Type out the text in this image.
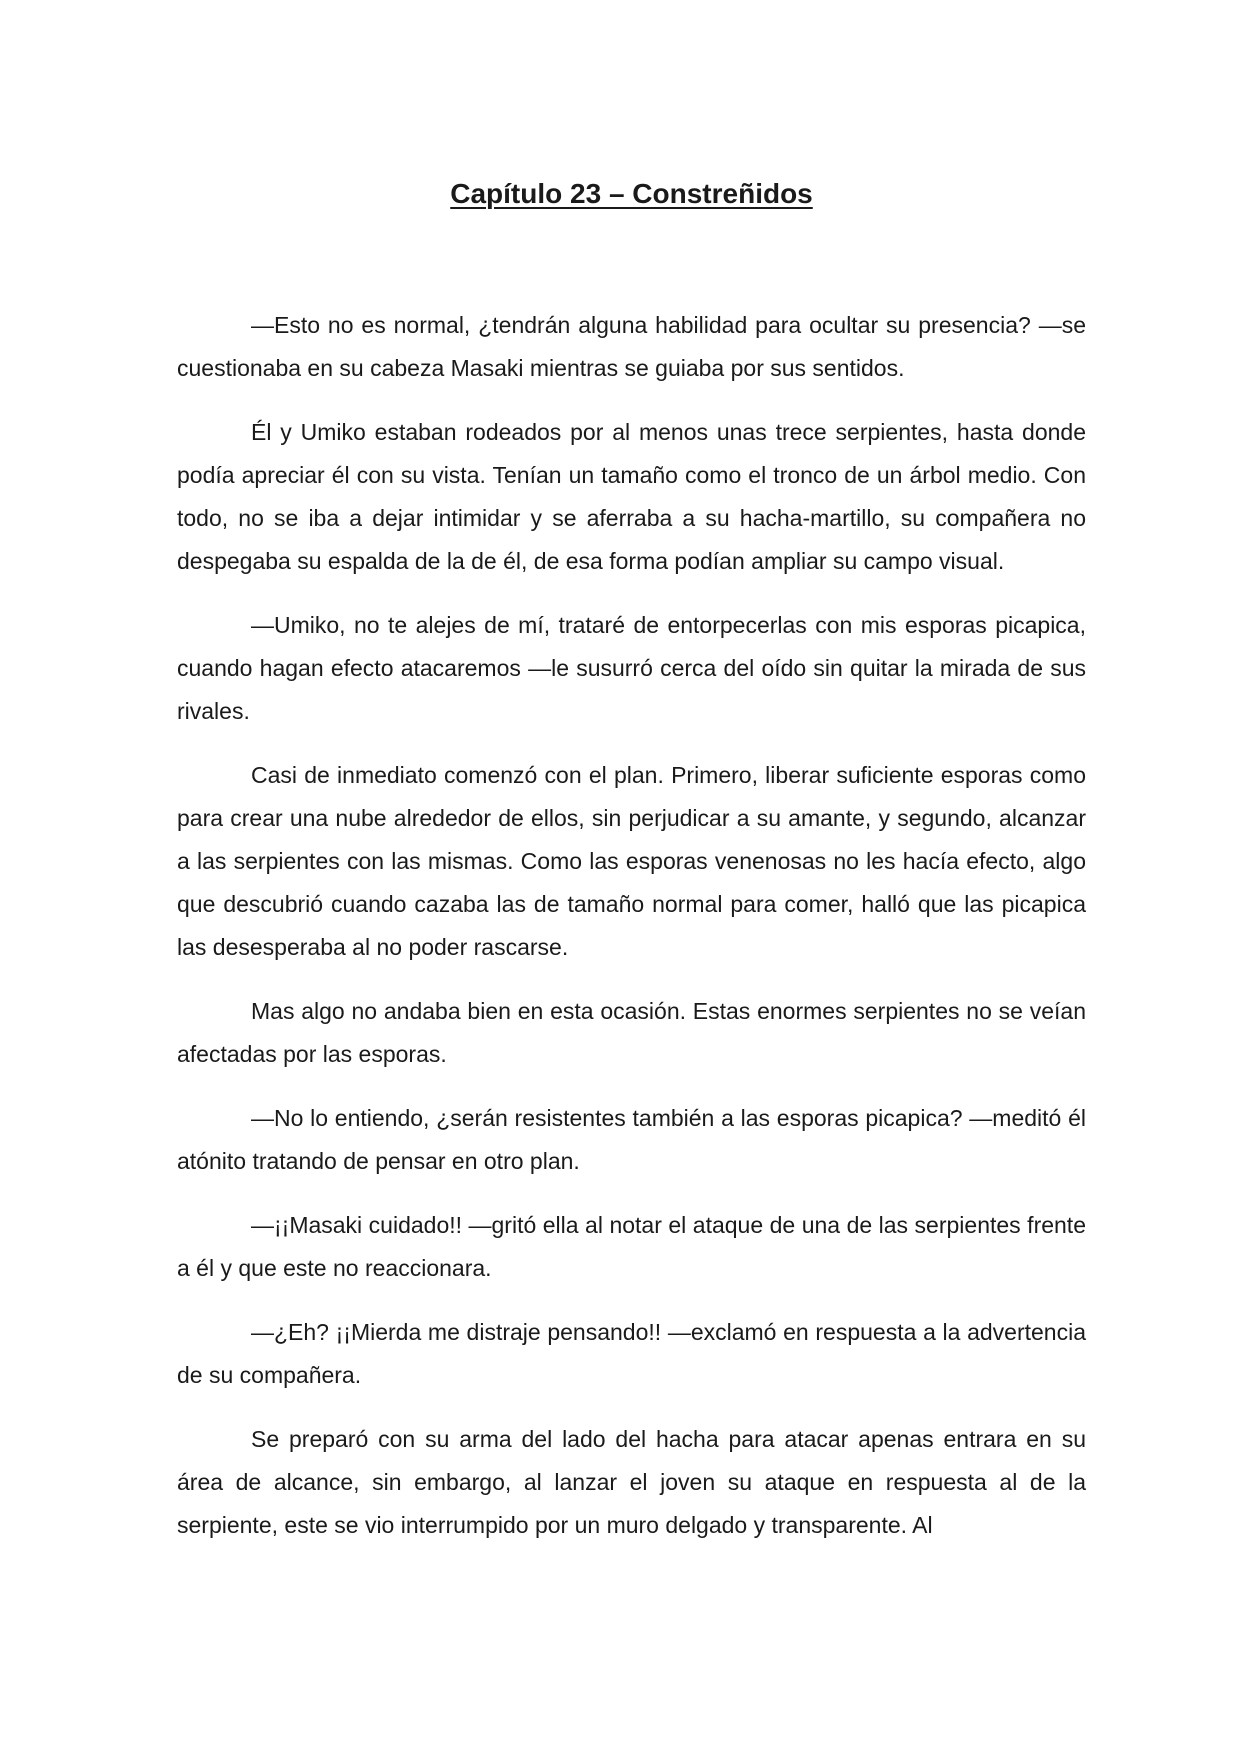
Capítulo 23 – Constreñidos

—Esto no es normal, ¿tendrán alguna habilidad para ocultar su presencia? —se cuestionaba en su cabeza Masaki mientras se guiaba por sus sentidos.

Él y Umiko estaban rodeados por al menos unas trece serpientes, hasta donde podía apreciar él con su vista. Tenían un tamaño como el tronco de un árbol medio. Con todo, no se iba a dejar intimidar y se aferraba a su hacha-martillo, su compañera no despegaba su espalda de la de él, de esa forma podían ampliar su campo visual.

—Umiko, no te alejes de mí, trataré de entorpecerlas con mis esporas picapica, cuando hagan efecto atacaremos —le susurró cerca del oído sin quitar la mirada de sus rivales.

Casi de inmediato comenzó con el plan. Primero, liberar suficiente esporas como para crear una nube alrededor de ellos, sin perjudicar a su amante, y segundo, alcanzar a las serpientes con las mismas. Como las esporas venenosas no les hacía efecto, algo que descubrió cuando cazaba las de tamaño normal para comer, halló que las picapica las desesperaba al no poder rascarse.

Mas algo no andaba bien en esta ocasión. Estas enormes serpientes no se veían afectadas por las esporas.

—No lo entiendo, ¿serán resistentes también a las esporas picapica? —meditó él atónito tratando de pensar en otro plan.

—¡¡Masaki cuidado!! —gritó ella al notar el ataque de una de las serpientes frente a él y que este no reaccionara.

—¿Eh? ¡¡Mierda me distraje pensando!! —exclamó en respuesta a la advertencia de su compañera.

Se preparó con su arma del lado del hacha para atacar apenas entrara en su área de alcance, sin embargo, al lanzar el joven su ataque en respuesta al de la serpiente, este se vio interrumpido por un muro delgado y transparente. Al
